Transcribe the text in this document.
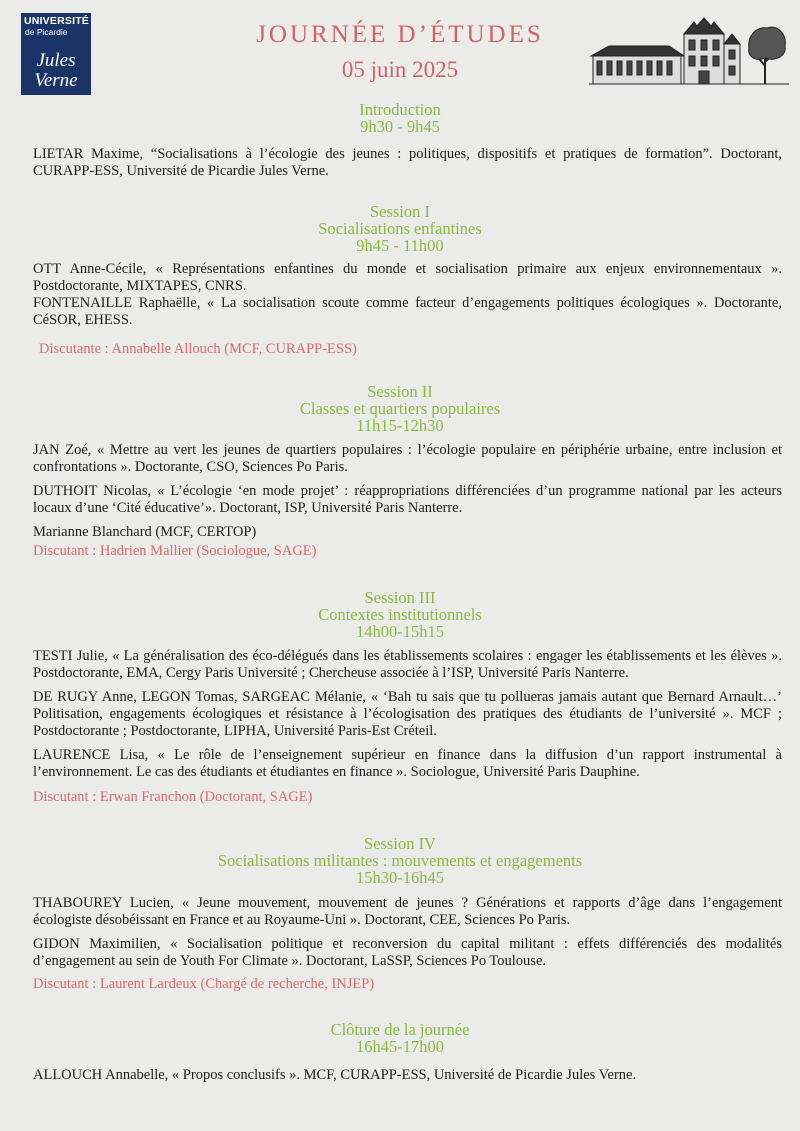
UNIVERSITÉ
de Picardie
Jules Verne
JOURNÉE D’ÉTUDES
05 juin 2025
Introduction
9h30 - 9h45

LIETAR Maxime, “Socialisations à l’écologie des jeunes : politiques, dispositifs et pratiques de formation”. Doctorant, CURAPP-ESS, Université de Picardie Jules Verne.

Session I
Socialisations enfantines
9h45 - 11h00

OTT Anne-Cécile, « Représentations enfantines du monde et socialisation primaire aux enjeux environnementaux ». Postdoctorante, MIXTAPES, CNRS.

FONTENAILLE Raphaëlle, « La socialisation scoute comme facteur d’engagements politiques écologiques ». Doctorante, CéSOR, EHESS.

Discutante : Annabelle Allouch (MCF, CURAPP-ESS)

Session II
Classes et quartiers populaires
11h15-12h30

JAN Zoé, « Mettre au vert les jeunes de quartiers populaires : l’écologie populaire en périphérie urbaine, entre inclusion et confrontations ». Doctorante, CSO, Sciences Po Paris.

DUTHOIT Nicolas, « L’écologie ‘en mode projet’ : réappropriations différenciées d’un programme national par les acteurs locaux d’une ‘Cité éducative’». Doctorant, ISP, Université Paris Nanterre.

Marianne Blanchard (MCF, CERTOP)

Discutant : Hadrien Mallier (Sociologue, SAGE)

Session III
Contextes institutionnels
14h00-15h15

TESTI Julie, « La généralisation des éco-délégués dans les établissements scolaires : engager les établissements et les élèves ». Postdoctorante, EMA, Cergy Paris Université ; Chercheuse associée à l’ISP, Université Paris Nanterre.

DE RUGY Anne, LEGON Tomas, SARGEAC Mélanie, « ‘Bah tu sais que tu pollueras jamais autant que Bernard Arnault…’ Politisation, engagements écologiques et résistance à l’écologisation des pratiques des étudiants de l’université ». MCF ; Postdoctorante ; Postdoctorante, LIPHA, Université Paris-Est Créteil.

LAURENCE Lisa, « Le rôle de l’enseignement supérieur en finance dans la diffusion d’un rapport instrumental à l’environnement. Le cas des étudiants et étudiantes en finance ». Sociologue, Université Paris Dauphine.

Discutant : Erwan Franchon (Doctorant, SAGE)

Session IV
Socialisations militantes : mouvements et engagements
15h30-16h45

THABOUREY Lucien, « Jeune mouvement, mouvement de jeunes ? Générations et rapports d’âge dans l’engagement écologiste désobéissant en France et au Royaume-Uni ». Doctorant, CEE, Sciences Po Paris.

GIDON Maximilien, « Socialisation politique et reconversion du capital militant : effets différenciés des modalités d’engagement au sein de Youth For Climate ». Doctorant, LaSSP, Sciences Po Toulouse.

Discutant : Laurent Lardeux (Chargé de recherche, INJEP)

Clôture de la journée
16h45-17h00

ALLOUCH Annabelle, « Propos conclusifs ». MCF, CURAPP-ESS, Université de Picardie Jules Verne.
